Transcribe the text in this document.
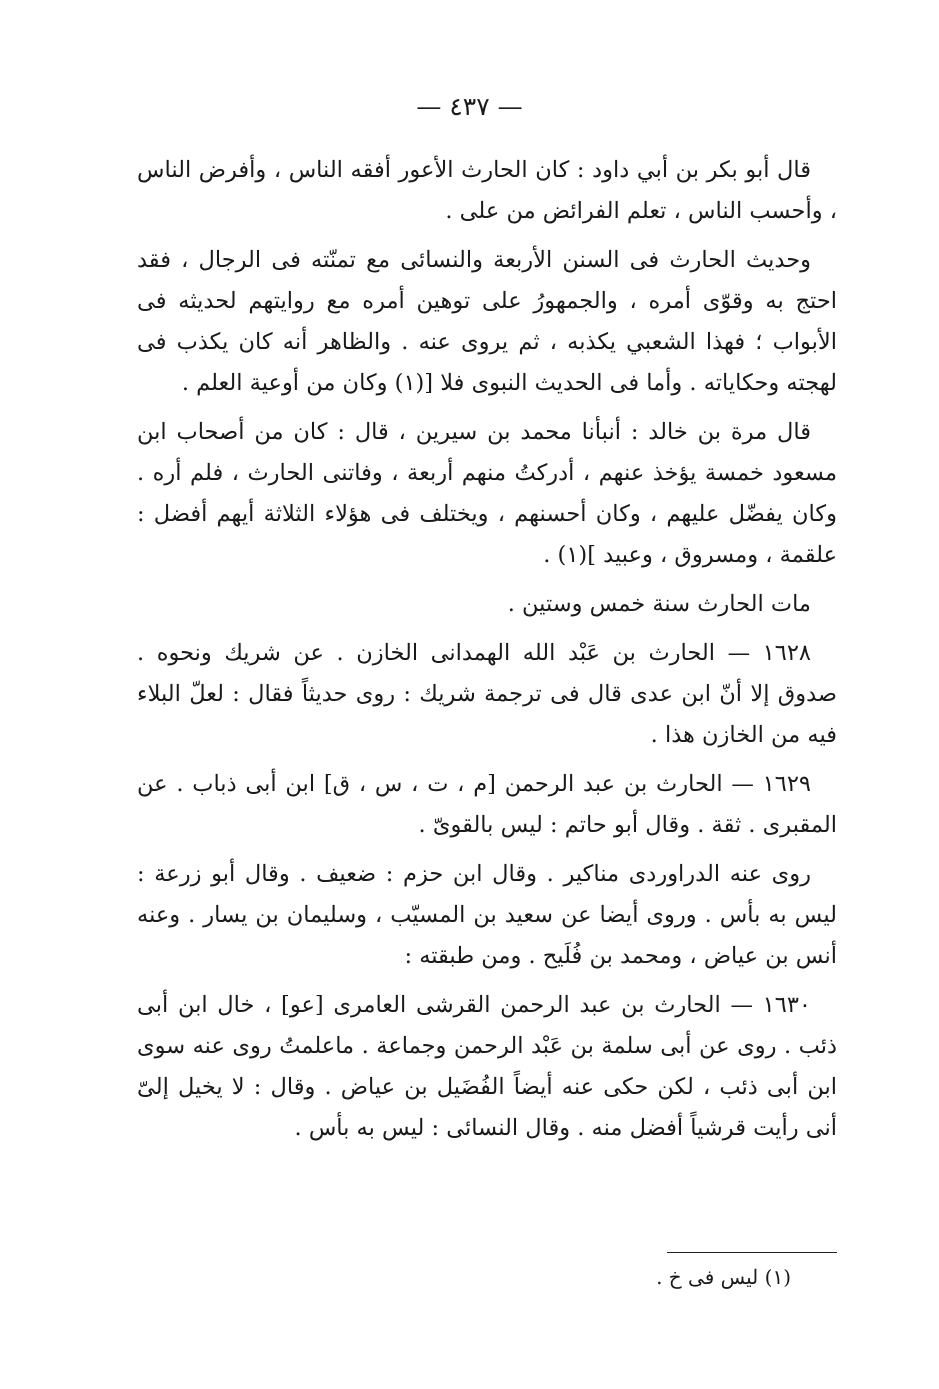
— ٤٣٧ —

قال أبو بكر بن أبي داود : كان الحارث الأعور أفقه الناس ، وأفرض الناس ، وأحسب الناس ، تعلم الفرائض من على .

وحديث الحارث فى السنن الأربعة والنسائى مع تمنّته فى الرجال ، فقد احتج به وقوّى أمره ، والجمهورُ على توهين أمره مع روايتهم لحديثه فى الأبواب ؛ فهذا الشعبي يكذبه ، ثم يروى عنه . والظاهر أنه كان يكذب فى لهجته وحكاياته . وأما فى الحديث النبوى فلا [(١) وكان من أوعية العلم .

قال مرة بن خالد : أنبأنا محمد بن سيرين ، قال : كان من أصحاب ابن مسعود خمسة يؤخذ عنهم ، أدركتُ منهم أربعة ، وفاتنى الحارث ، فلم أره . وكان يفضّل عليهم ، وكان أحسنهم ، ويختلف فى هؤلاء الثلاثة أيهم أفضل : علقمة ، ومسروق ، وعبيد ](١) .

مات الحارث سنة خمس وستين .

١٦٢٨ — الحارث بن عَبْد الله الهمدانى الخازن . عن شريك ونحوه . صدوق إلا أنّ ابن عدى قال فى ترجمة شريك : روى حديثاً فقال : لعلّ البلاء فيه من الخازن هذا .

١٦٢٩ — الحارث بن عبد الرحمن [م ، ت ، س ، ق] ابن أبى ذباب . عن المقبرى . ثقة . وقال أبو حاتم : ليس بالقوىّ .

روى عنه الدراوردى مناكير . وقال ابن حزم : ضعيف . وقال أبو زرعة : ليس به بأس . وروى أيضا عن سعيد بن المسيّب ، وسليمان بن يسار . وعنه أنس بن عياض ، ومحمد بن فُلَيح . ومن طبقته :

١٦٣٠ — الحارث بن عبد الرحمن القرشى العامرى [عو] ، خال ابن أبى ذئب . روى عن أبى سلمة بن عَبْد الرحمن وجماعة . ماعلمتُ روى عنه سوى ابن أبى ذئب ، لكن حكى عنه أيضاً الفُضَيل بن عياض . وقال : لا يخيل إلىّ أنى رأيت قرشياً أفضل منه . وقال النسائى : ليس به بأس .

(١) ليس فى خ .
